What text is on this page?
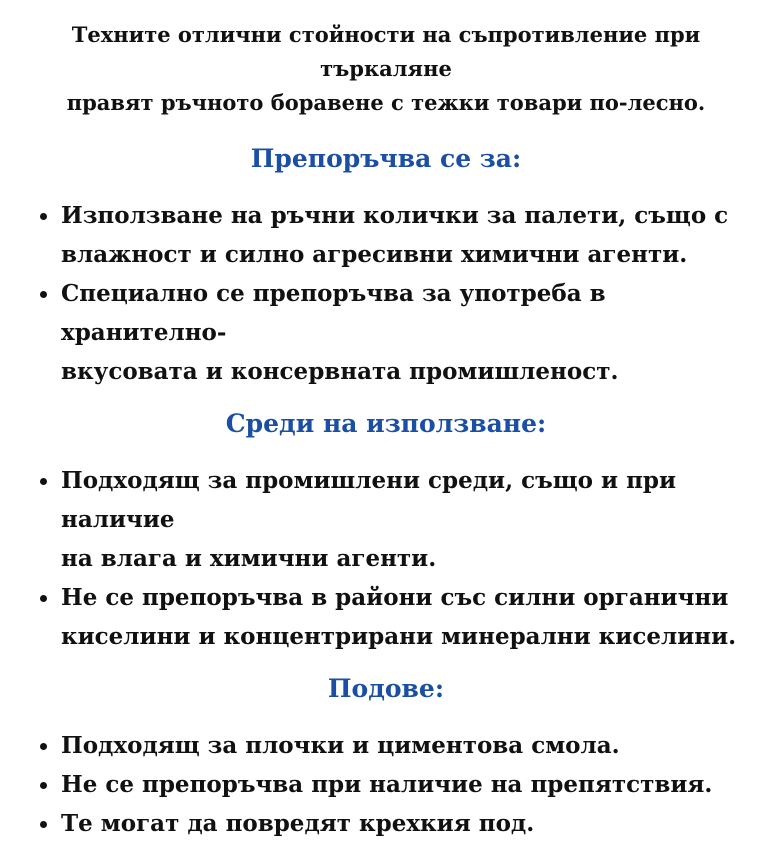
Техните отлични стойности на съпротивление при търкаляне
правят ръчното боравене с тежки товари по-лесно.

Препоръчва се за:
Използване на ръчни колички за палети, също с
влажност и силно агресивни химични агенти.
Специално се препоръчва за употреба в хранително-
вкусовата и консервната промишленост.
Среди на използване:
Подходящ за промишлени среди, също и при наличие
на влага и химични агенти.
Не се препоръчва в райони със силни органични
киселини и концентрирани минерални киселини.
Подове:
Подходящ за плочки и циментова смола.
Не се препоръчва при наличие на препятствия.
Те могат да повредят крехкия под.
